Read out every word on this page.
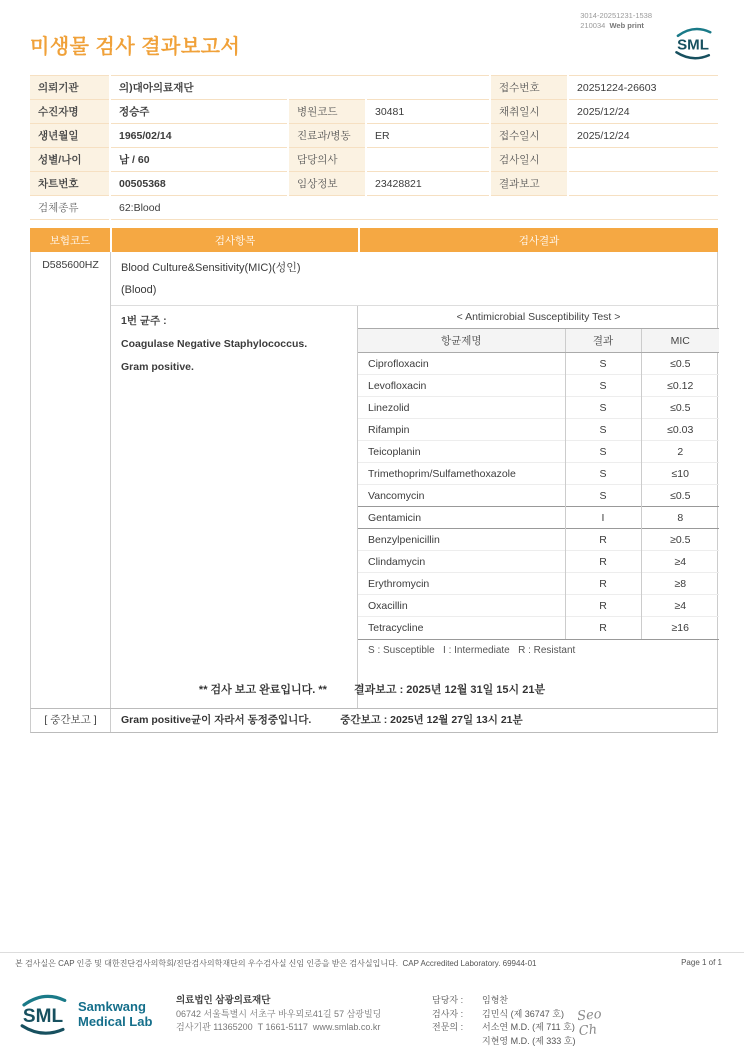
미생물 검사 결과보고서
3014-20251231-1538
210034 Web print
SML
의뢰기관	의)대아의료재단			접수번호	20251224-26603
수진자명	정승주	병원코드	30481	채취일시	2025/12/24
생년월일	1965/02/14	진료과/병동	ER	접수일시	2025/12/24
성별/나이	남 / 60	담당의사		검사일시	
차트번호	00505368	임상정보	23428821	결과보고	
검체종류	62:Blood				
보험코드	검사항목	검사결과
D585600HZ	Blood Culture&Sensitivity(MIC)(성인)
(Blood)
1번 균주 :
Coagulase Negative Staphylococcus.
Gram positive.
< Antimicrobial Susceptibility Test >
항균제명	결과	MIC
Ciprofloxacin	S	≤0.5
Levofloxacin	S	≤0.12
Linezolid	S	≤0.5
Rifampin	S	≤0.03
Teicoplanin	S	2
Trimethoprim/Sulfamethoxazole	S	≤10
Vancomycin	S	≤0.5
Gentamicin	I	8
Benzylpenicillin	R	≥0.5
Clindamycin	R	≥4
Erythromycin	R	≥8
Oxacillin	R	≥4
Tetracycline	R	≥16
S : Susceptible   I : Intermediate   R : Resistant
[ 중간보고 ]	Gram positive균이 자라서 동정중입니다.	중간보고 : 2025년 12월 27일 13시 21분
** 검사 보고 완료입니다. ** 결과보고 : 2025년 12월 31일 15시 21분
본 검사실은 CAP 인증 및 대한진단검사의학회/진단검사의학재단의 우수검사실 신임 인증을 받은 검사실입니다.  CAP Accredited Laboratory. 69944-01	Page 1 of 1
SML Samkwang
Medical Lab
의료법인 삼광의료재단
06742 서울특별시 서초구 바우뫼로41길 57 삼광빌딩
검사기관 11365200  T 1661-5117  www.smlab.co.kr
담당자 :	임형찬
검사자 :	김민식 (제 36747 호)
전문의 :	서소연 M.D. (제 711 호)
지현영 M.D. (제 333 호)
Seo
Ch
